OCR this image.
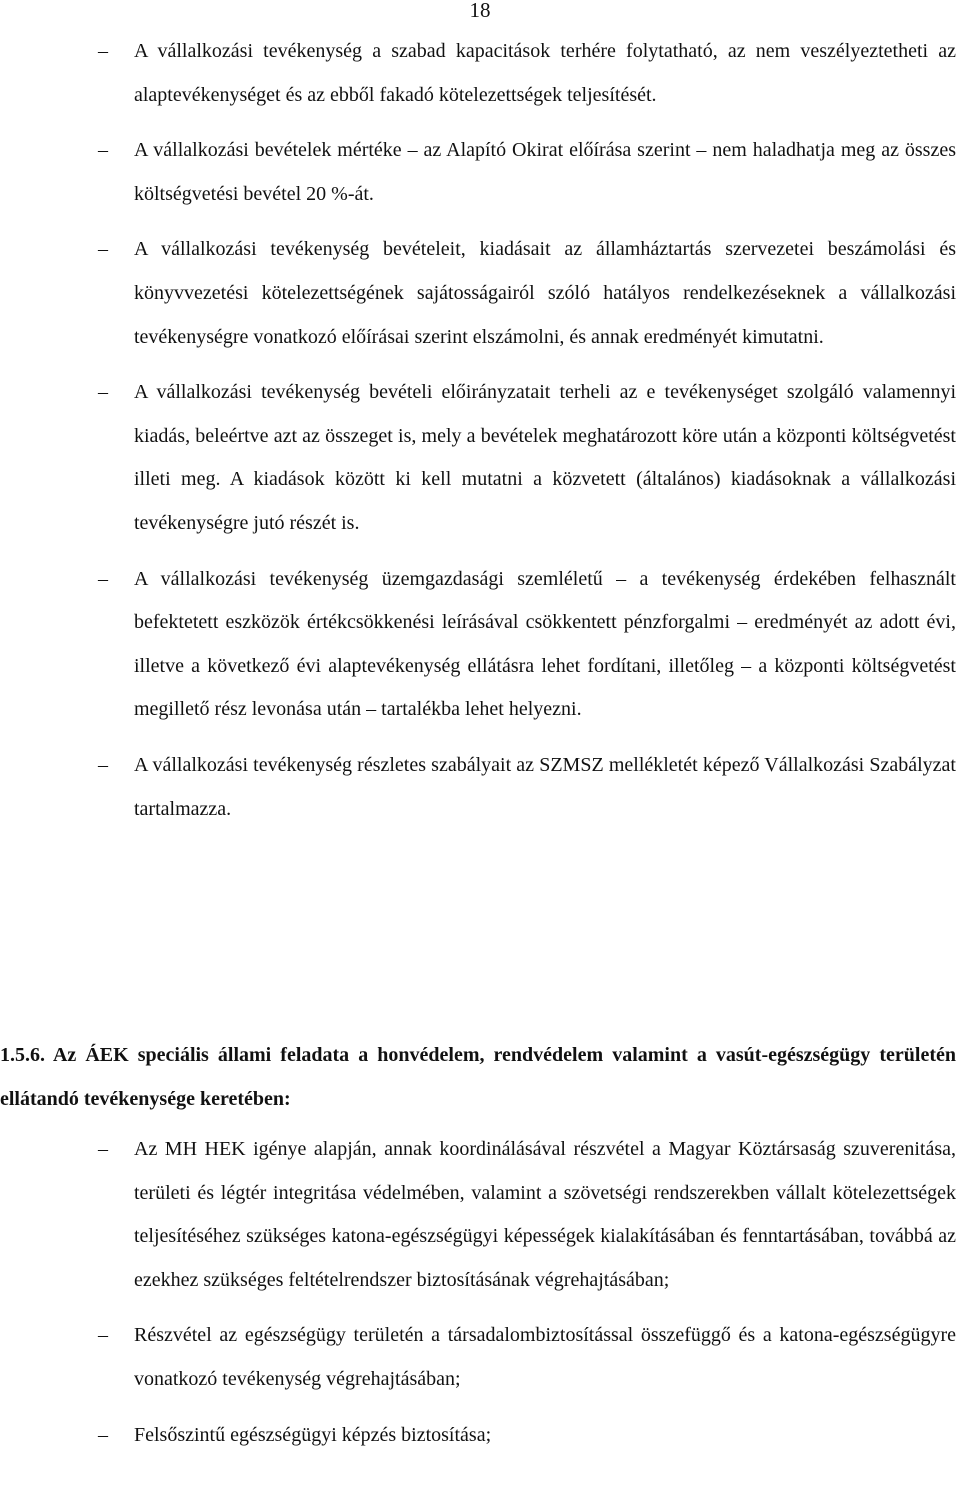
18
– A vállalkozási tevékenység a szabad kapacitások terhére folytatható, az nem veszélyeztetheti az alaptevékenységet és az ebből fakadó kötelezettségek teljesítését.
– A vállalkozási bevételek mértéke – az Alapító Okirat előírása szerint – nem haladhatja meg az összes költségvetési bevétel 20 %-át.
– A vállalkozási tevékenység bevételeit, kiadásait az államháztartás szervezetei beszámolási és könyvvezetési kötelezettségének sajátosságairól szóló hatályos rendelkezéseknek a vállalkozási tevékenységre vonatkozó előírásai szerint elszámolni, és annak eredményét kimutatni.
– A vállalkozási tevékenység bevételi előirányzatait terheli az e tevékenységet szolgáló valamennyi kiadás, beleértve azt az összeget is, mely a bevételek meghatározott köre után a központi költségvetést illeti meg. A kiadások között ki kell mutatni a közvetett (általános) kiadásoknak a vállalkozási tevékenységre jutó részét is.
– A vállalkozási tevékenység üzemgazdasági szemléletű – a tevékenység érdekében felhasznált befektetett eszközök értékcsökkenési leírásával csökkentett pénzforgalmi – eredményét az adott évi, illetve a következő évi alaptevékenység ellátásra lehet fordítani, illetőleg – a központi költségvetést megillető rész levonása után – tartalékba lehet helyezni.
– A vállalkozási tevékenység részletes szabályait az SZMSZ mellékletét képező Vállalkozási Szabályzat tartalmazza.
1.5.6. Az ÁEK speciális állami feladata a honvédelem, rendvédelem valamint a vasút-egészségügy területén ellátandó tevékenysége keretében:
– Az MH HEK igénye alapján, annak koordinálásával részvétel a Magyar Köztársaság szuverenitása, területi és légtér integritása védelmében, valamint a szövetségi rendszerekben vállalt kötelezettségek teljesítéséhez szükséges katona-egészségügyi képességek kialakításában és fenntartásában, továbbá az ezekhez szükséges feltételrendszer biztosításának végrehajtásában;
– Részvétel az egészségügy területén a társadalombiztosítással összefüggő és a katona-egészségügyre vonatkozó tevékenység végrehajtásában;
– Felsőszintű egészségügyi képzés biztosítása;
